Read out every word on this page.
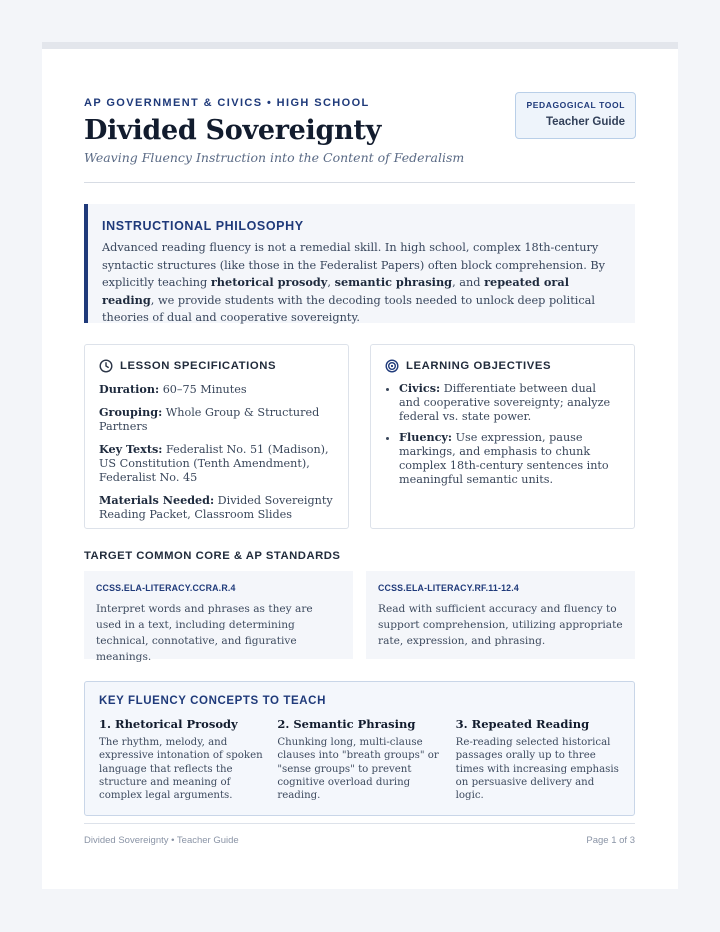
AP GOVERNMENT & CIVICS • HIGH SCHOOL
Divided Sovereignty
Weaving Fluency Instruction into the Content of Federalism
PEDAGOGICAL TOOL
Teacher Guide
INSTRUCTIONAL PHILOSOPHY
Advanced reading fluency is not a remedial skill. In high school, complex 18th-century syntactic structures (like those in the Federalist Papers) often block comprehension. By explicitly teaching rhetorical prosody, semantic phrasing, and repeated oral reading, we provide students with the decoding tools needed to unlock deep political theories of dual and cooperative sovereignty.
LESSON SPECIFICATIONS
Duration: 60–75 Minutes
Grouping: Whole Group & Structured Partners
Key Texts: Federalist No. 51 (Madison), US Constitution (Tenth Amendment), Federalist No. 45
Materials Needed: Divided Sovereignty Reading Packet, Classroom Slides
LEARNING OBJECTIVES
• Civics: Differentiate between dual and cooperative sovereignty; analyze federal vs. state power.
• Fluency: Use expression, pause markings, and emphasis to chunk complex 18th-century sentences into meaningful semantic units.
TARGET COMMON CORE & AP STANDARDS
CCSS.ELA-LITERACY.CCRA.R.4
Interpret words and phrases as they are used in a text, including determining technical, connotative, and figurative meanings.
CCSS.ELA-LITERACY.RF.11-12.4
Read with sufficient accuracy and fluency to support comprehension, utilizing appropriate rate, expression, and phrasing.
KEY FLUENCY CONCEPTS TO TEACH
1. Rhetorical Prosody
The rhythm, melody, and expressive intonation of spoken language that reflects the structure and meaning of complex legal arguments.
2. Semantic Phrasing
Chunking long, multi-clause clauses into "breath groups" or "sense groups" to prevent cognitive overload during reading.
3. Repeated Reading
Re-reading selected historical passages orally up to three times with increasing emphasis on persuasive delivery and logic.
Divided Sovereignty • Teacher Guide	Page 1 of 3
